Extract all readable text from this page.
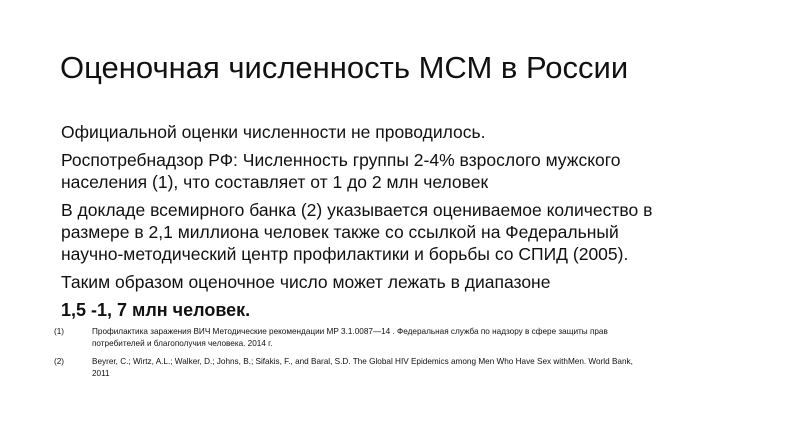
Оценочная численность МСМ в России

Официальной оценки численности не проводилось.

Роспотребнадзор РФ: Численность группы 2-4% взрослого мужского
населения (1), что составляет от 1 до 2 млн человек

В докладе всемирного банка (2) указывается оцениваемое количество в
размере в 2,1 миллиона человек также со ссылкой на Федеральный
научно-методический центр профилактики и борьбы со СПИД (2005).

Таким образом оценочное число может лежать в диапазоне

1,5 -1, 7 млн человек.

(1)	Профилактика заражения ВИЧ Методические рекомендации МР 3.1.0087—14 . Федеральная служба по надзору в сфере защиты прав
потребителей и благополучия человека. 2014 г.
(2)	Beyrer, C.; Wirtz, A.L.; Walker, D.; Johns, B.; Sifakis, F., and Baral, S.D. The Global HIV Epidemics among Men Who Have Sex withMen. World Bank,
2011
